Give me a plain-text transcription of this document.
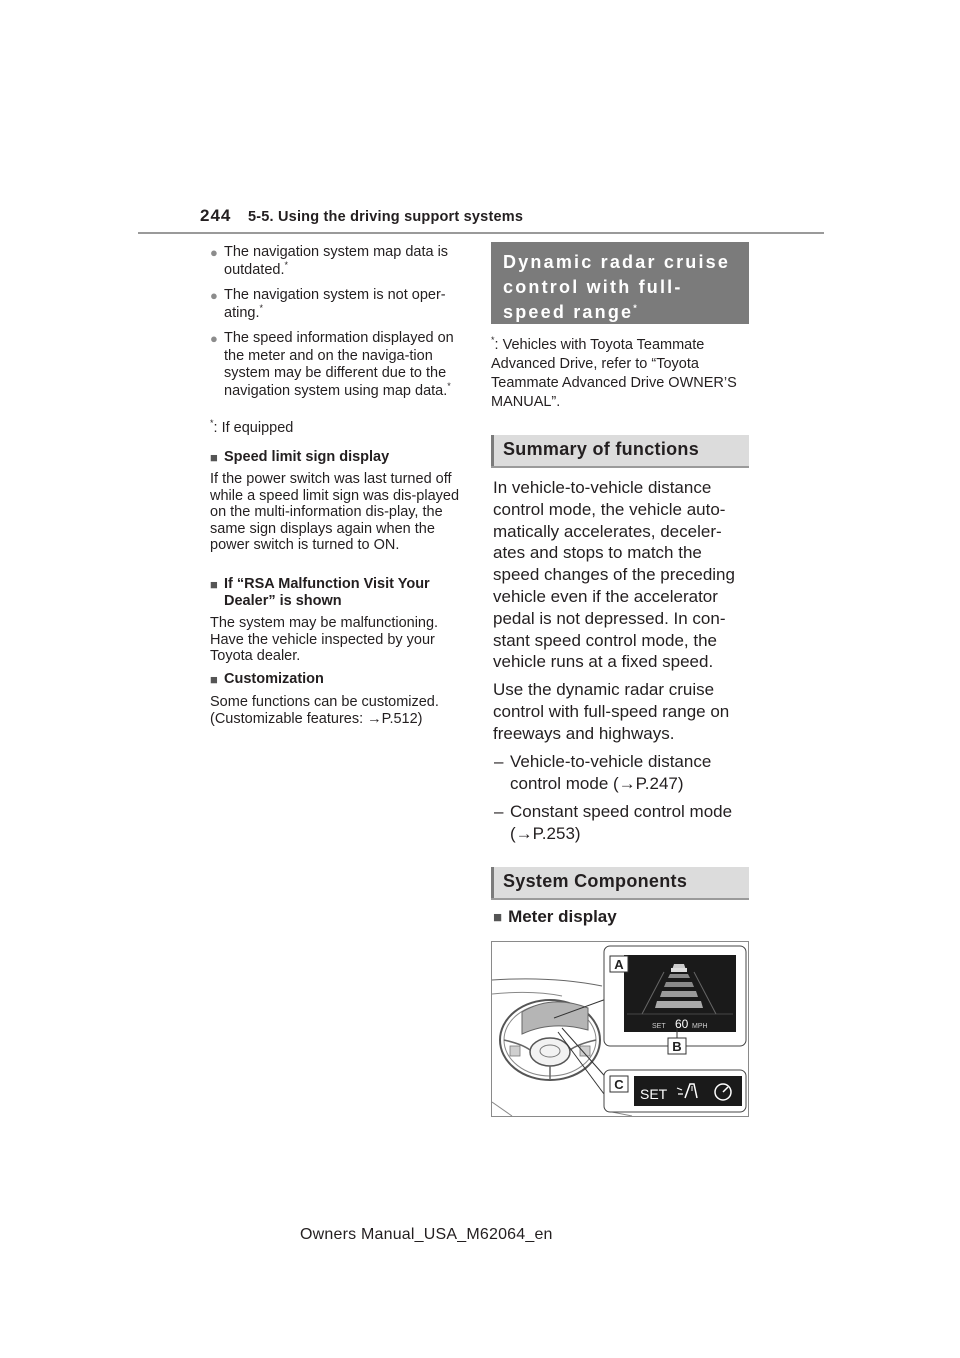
244 5-5. Using the driving support systems
● The navigation system map data is outdated.*
● The navigation system is not oper-ating.*
● The speed information displayed on the meter and on the naviga-tion system may be different due to the navigation system using map data.*
*: If equipped
■ Speed limit sign display
If the power switch was last turned off while a speed limit sign was dis-played on the multi-information dis-play, the same sign displays again when the power switch is turned to ON.
■ If “RSA Malfunction Visit Your Dealer” is shown
The system may be malfunctioning. Have the vehicle inspected by your Toyota dealer.
■ Customization
Some functions can be customized. (Customizable features: →P.512)
Dynamic radar cruise control with full-speed range*
*: Vehicles with Toyota Teammate Advanced Drive, refer to “Toyota Teammate Advanced Drive OWNER’S MANUAL”.
Summary of functions
In vehicle-to-vehicle distance control mode, the vehicle auto-matically accelerates, deceler-ates and stops to match the speed changes of the preceding vehicle even if the accelerator pedal is not depressed. In con-stant speed control mode, the vehicle runs at a fixed speed.
Use the dynamic radar cruise control with full-speed range on freeways and highways.
– Vehicle-to-vehicle distance control mode (→P.247)
– Constant speed control mode (→P.253)
System Components
■ Meter display
A
B
C
SET 60 MPH
SET
Owners Manual_USA_M62064_en
